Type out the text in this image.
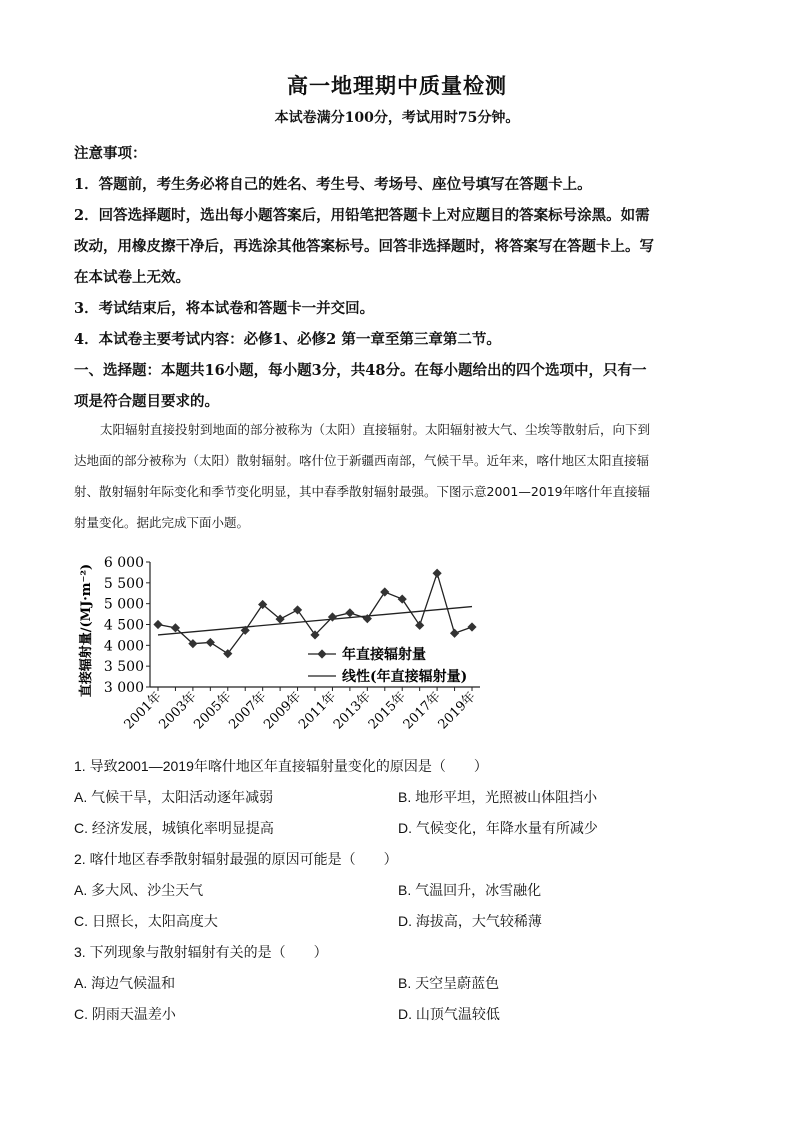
高一地理期中质量检测
本试卷满分100分，考试用时75分钟。
注意事项：
1．答题前，考生务必将自己的姓名、考生号、考场号、座位号填写在答题卡上。
2．回答选择题时，选出每小题答案后，用铅笔把答题卡上对应题目的答案标号涂黑。如需
改动，用橡皮擦干净后，再选涂其他答案标号。回答非选择题时，将答案写在答题卡上。写
在本试卷上无效。
3．考试结束后，将本试卷和答题卡一并交回。
4．本试卷主要考试内容：必修1、必修2 第一章至第三章第二节。
一、选择题：本题共16小题，每小题3分，共48分。在每小题给出的四个选项中，只有一
项是符合题目要求的。
太阳辐射直接投射到地面的部分被称为（太阳）直接辐射。太阳辐射被大气、尘埃等散射后，向下到
达地面的部分被称为（太阳）散射辐射。喀什位于新疆西南部，气候干旱。近年来，喀什地区太阳直接辐
射、散射辐射年际变化和季节变化明显，其中春季散射辐射最强。下图示意2001—2019年喀什年直接辐
射量变化。据此完成下面小题。
3 000
3 500
4 000
4 500
5 000
5 500
6 000
2001年
2003年
2005年
2007年
2009年
2011年
2013年
2015年
2017年
2019年
直接辐射量/(MJ·m⁻²)	年直接辐射量
线性(年直接辐射量)
1. 导致2001—2019年喀什地区年直接辐射量变化的原因是（　　）
A. 气候干旱，太阳活动逐年减弱	B. 地形平坦，光照被山体阻挡小
C. 经济发展，城镇化率明显提高	D. 气候变化，年降水量有所减少
2. 喀什地区春季散射辐射最强的原因可能是（　　）
A. 多大风、沙尘天气	B. 气温回升，冰雪融化
C. 日照长，太阳高度大	D. 海拔高，大气较稀薄
3. 下列现象与散射辐射有关的是（　　）
A. 海边气候温和	B. 天空呈蔚蓝色
C. 阴雨天温差小	D. 山顶气温较低
